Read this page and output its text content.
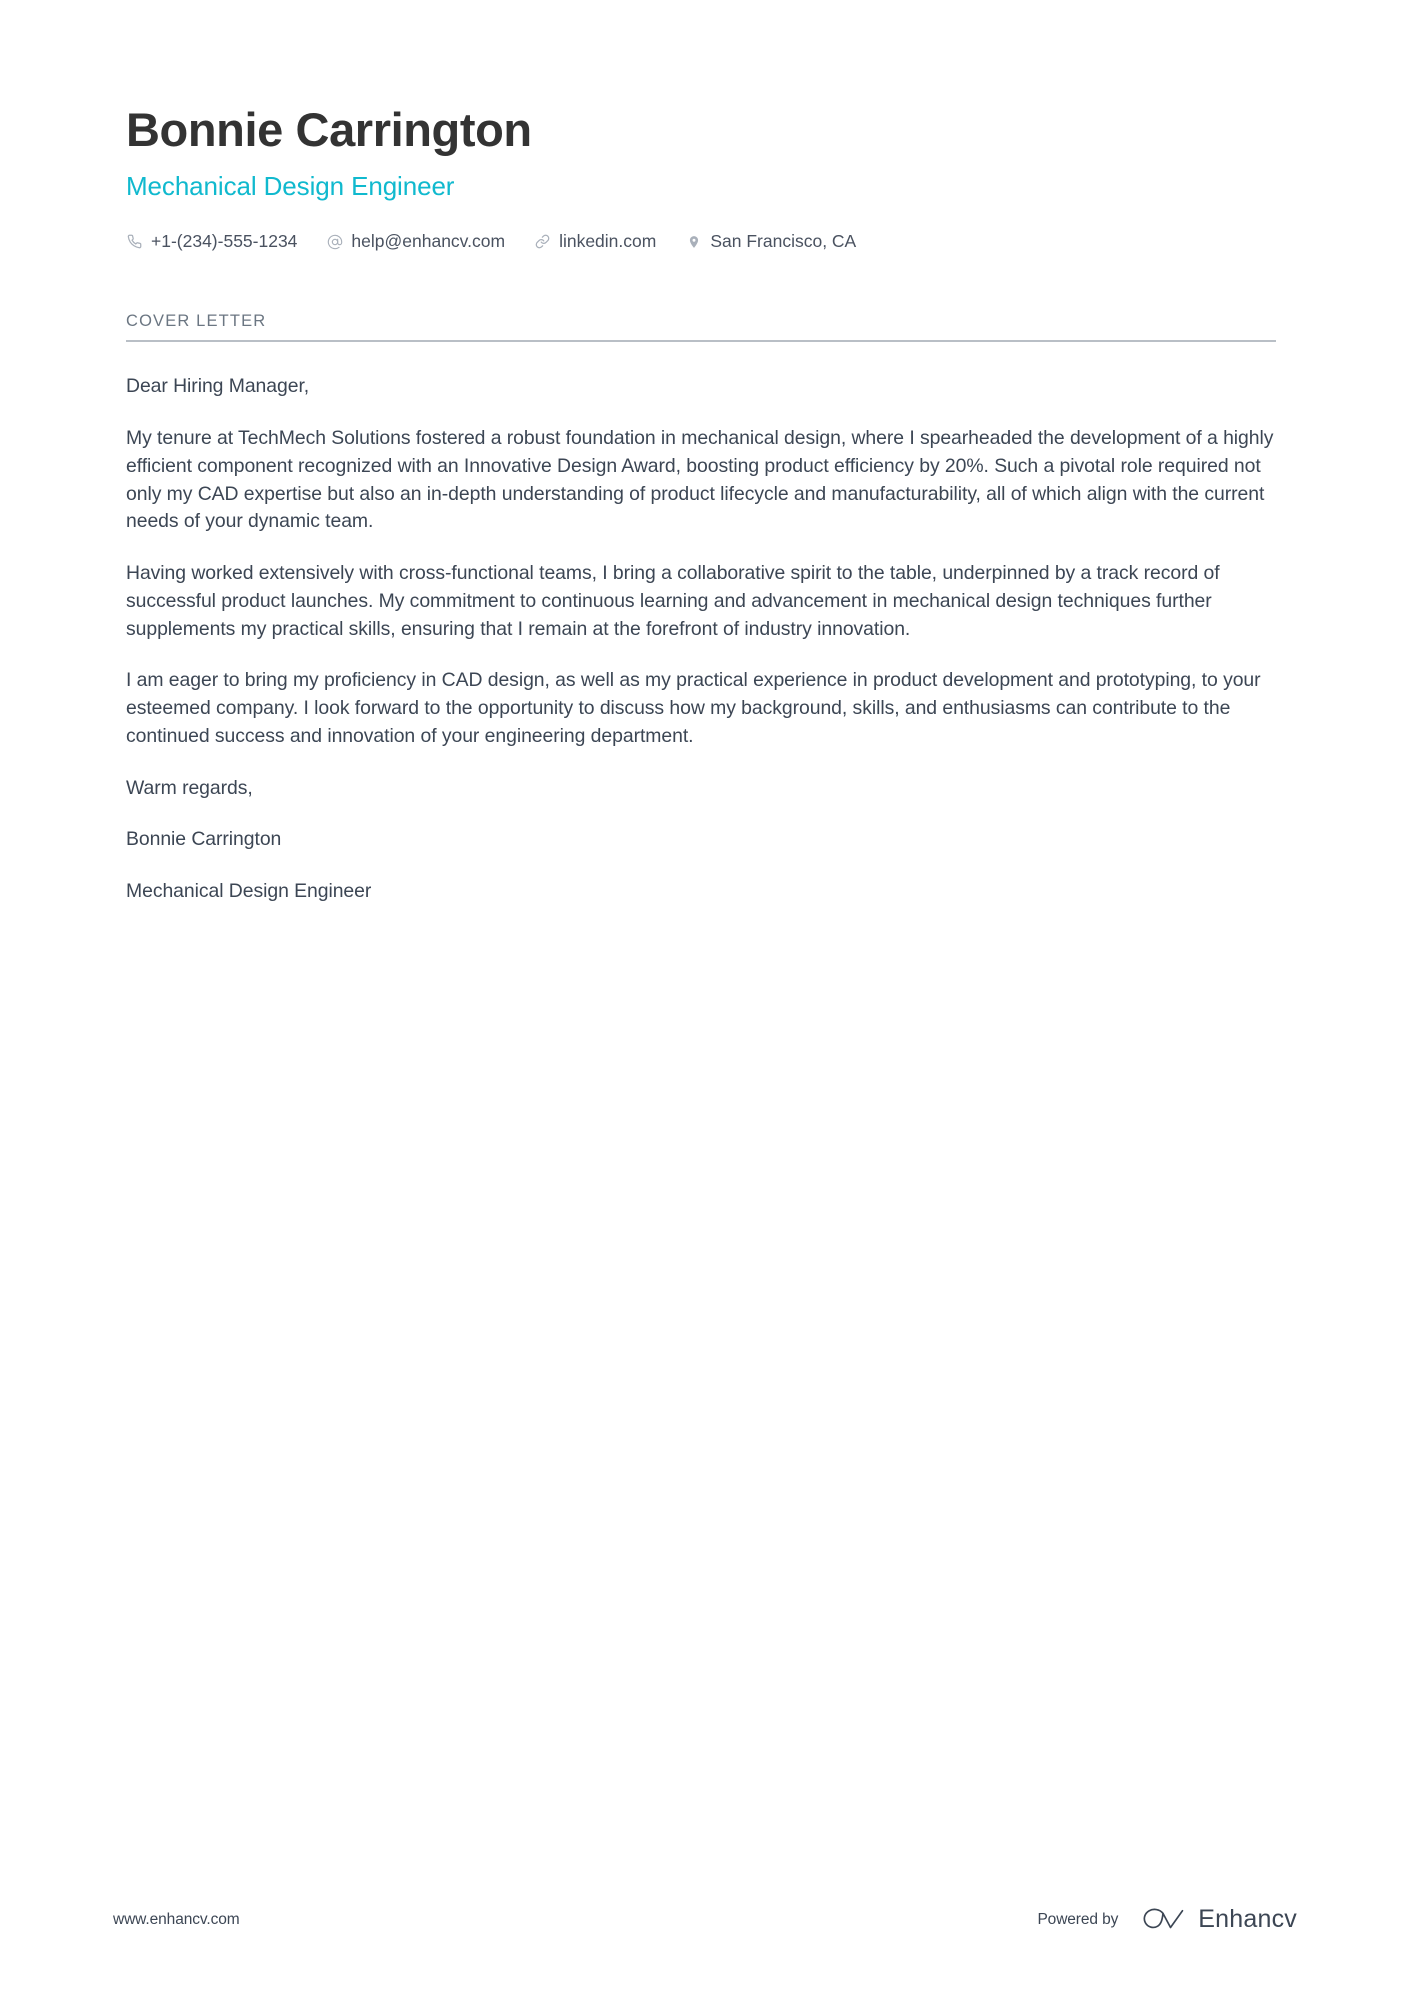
Bonnie Carrington
Mechanical Design Engineer
+1-(234)-555-1234	help@enhancv.com	linkedin.com	San Francisco, CA
COVER LETTER

Dear Hiring Manager,

My tenure at TechMech Solutions fostered a robust foundation in mechanical design, where I spearheaded the development of a highly efficient component recognized with an Innovative Design Award, boosting product efficiency by 20%. Such a pivotal role required not only my CAD expertise but also an in-depth understanding of product lifecycle and manufacturability, all of which align with the current needs of your dynamic team.

Having worked extensively with cross-functional teams, I bring a collaborative spirit to the table, underpinned by a track record of successful product launches. My commitment to continuous learning and advancement in mechanical design techniques further supplements my practical skills, ensuring that I remain at the forefront of industry innovation.

I am eager to bring my proficiency in CAD design, as well as my practical experience in product development and prototyping, to your esteemed company. I look forward to the opportunity to discuss how my background, skills, and enthusiasms can contribute to the continued success and innovation of your engineering department.

Warm regards,

Bonnie Carrington

Mechanical Design Engineer

www.enhancv.com	Powered by	Enhancv
